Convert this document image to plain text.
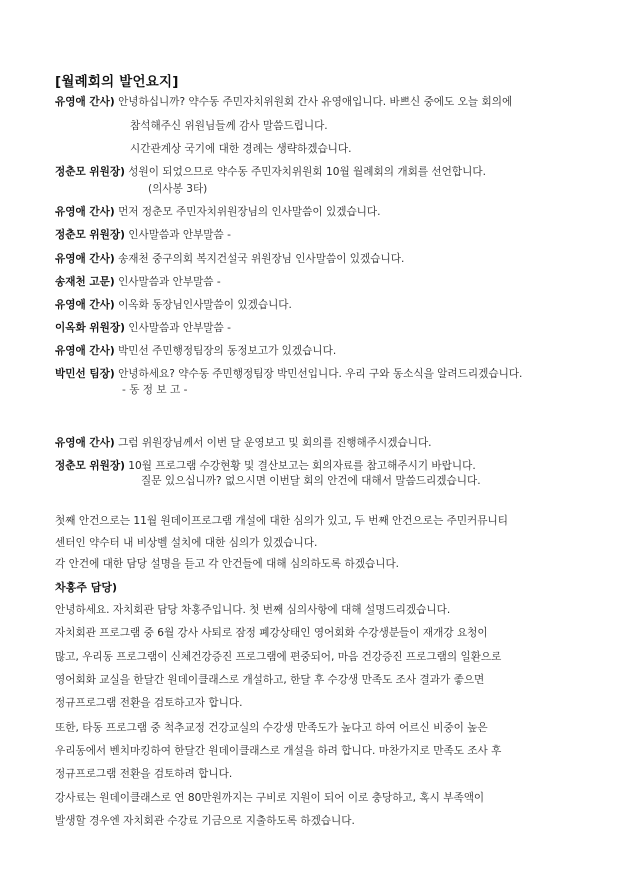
[월례회의 발언요지]
유영애 간사) 안녕하십니까? 약수동 주민자치위원회 간사 유영애입니다. 바쁘신 중에도 오늘 회의에
참석해주신 위원님들께 감사 말씀드립니다.
시간관계상 국기에 대한 경례는 생략하겠습니다.
정춘모 위원장) 성원이 되었으므로 약수동 주민자치위원회 10월 월례회의 개회를 선언합니다.
(의사봉 3타)
유영애 간사) 먼저 정춘모 주민자치위원장님의 인사말씀이 있겠습니다.
정춘모 위원장) 인사말씀과 안부말씀 -
유영애 간사) 송재천 중구의회 복지건설국 위원장님 인사말씀이 있겠습니다.
송재천 고문) 인사말씀과 안부말씀 -
유영애 간사) 이옥화 동장님인사말씀이 있겠습니다.
이옥화 위원장) 인사말씀과 안부말씀 -
유영애 간사) 박민선 주민행정팀장의 동정보고가 있겠습니다.
박민선 팀장) 안녕하세요? 약수동 주민행정팀장 박민선입니다. 우리 구와 동소식을 알려드리겠습니다.
- 동 정 보 고 -
유영애 간사) 그럼 위원장님께서 이번 달 운영보고 및 회의를 진행해주시겠습니다.
정춘모 위원장) 10월 프로그램 수강현황 및 결산보고는 회의자료를 참고해주시기 바랍니다.
질문 있으십니까? 없으시면 이번달 회의 안건에 대해서 말씀드리겠습니다.
첫째 안건으로는 11월 원데이프로그램 개설에 대한 심의가 있고, 두 번째 안건으로는 주민커뮤니티
센터인 약수터 내 비상벨 설치에 대한 심의가 있겠습니다.
각 안건에 대한 담당 설명을 듣고 각 안건들에 대해 심의하도록 하겠습니다.
차홍주 담당)
안녕하세요. 자치회관 담당 차홍주입니다. 첫 번째 심의사항에 대해 설명드리겠습니다.
자치회관 프로그램 중 6월 강사 사퇴로 잠정 폐강상태인 영어회화 수강생분들이 재개강 요청이
많고, 우리동 프로그램이 신체건강증진 프로그램에 편중되어, 마음 건강증진 프로그램의 일환으로
영어회화 교실을 한달간 원데이클래스로 개설하고, 한달 후 수강생 만족도 조사 결과가 좋으면
정규프로그램 전환을 검토하고자 합니다.
또한, 타동 프로그램 중 척추교정 건강교실의 수강생 만족도가 높다고 하여 어르신 비중이 높은
우리동에서 벤치마킹하여 한달간 원데이클래스로 개설을 하려 합니다. 마찬가지로 만족도 조사 후
정규프로그램 전환을 검토하려 합니다.
강사료는 원데이클래스로 연 80만원까지는 구비로 지원이 되어 이로 충당하고, 혹시 부족액이
발생할 경우엔 자치회관 수강료 기금으로 지출하도록 하겠습니다.
